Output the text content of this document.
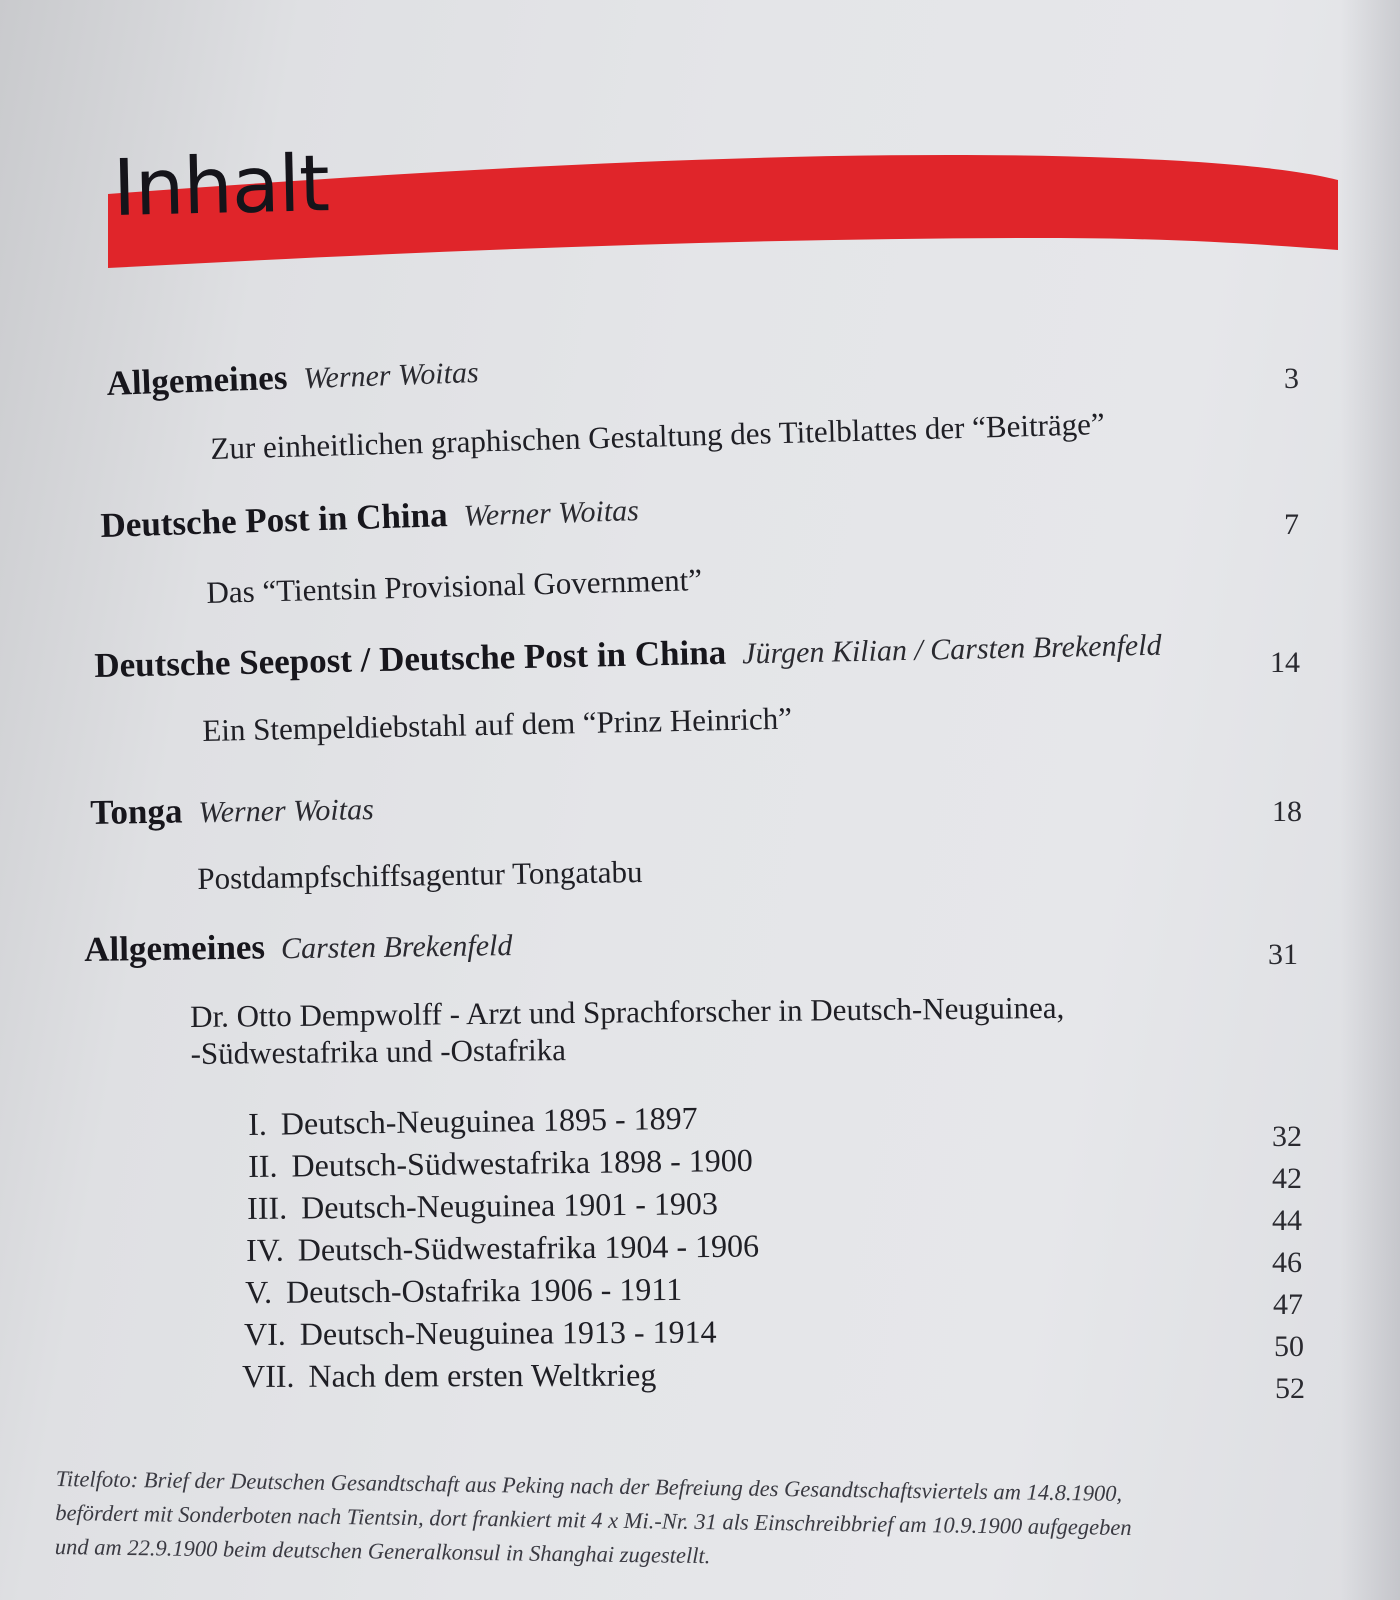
Inhalt
Allgemeines Werner Woitas	3
Zur einheitlichen graphischen Gestaltung des Titelblattes der “Beiträge”
Deutsche Post in China Werner Woitas	7
Das “Tientsin Provisional Government”
Deutsche Seepost / Deutsche Post in China Jürgen Kilian / Carsten Brekenfeld	14
Ein Stempeldiebstahl auf dem “Prinz Heinrich”
Tonga Werner Woitas	18
Postdampfschiffsagentur Tongatabu
Allgemeines Carsten Brekenfeld	31
Dr. Otto Dempwolff - Arzt und Sprachforscher in Deutsch-Neuguinea,
-Südwestafrika und -Ostafrika
I. Deutsch-Neuguinea 1895 - 1897	32
II. Deutsch-Südwestafrika 1898 - 1900	42
III. Deutsch-Neuguinea 1901 - 1903	44
IV. Deutsch-Südwestafrika 1904 - 1906	46
V. Deutsch-Ostafrika 1906 - 1911	47
VI. Deutsch-Neuguinea 1913 - 1914	50
VII. Nach dem ersten Weltkrieg	52
Titelfoto: Brief der Deutschen Gesandtschaft aus Peking nach der Befreiung des Gesandtschaftsviertels am 14.8.1900,
befördert mit Sonderboten nach Tientsin, dort frankiert mit 4 x Mi.-Nr. 31 als Einschreibbrief am 10.9.1900 aufgegeben
und am 22.9.1900 beim deutschen Generalkonsul in Shanghai zugestellt.
